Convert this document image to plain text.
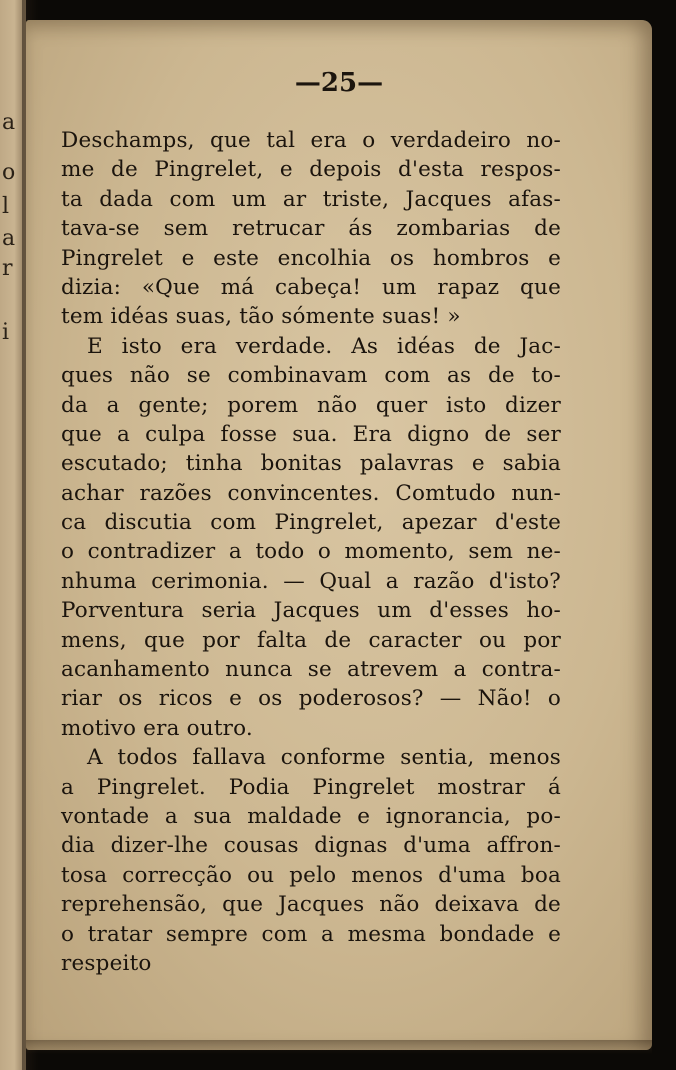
a
o
l
a
r
i
—25—
Deschamps, que tal era o verdadeiro no-
me de Pingrelet, e depois d'esta respos-
ta dada com um ar triste, Jacques afas-
tava-se sem retrucar ás zombarias de
Pingrelet e este encolhia os hombros e
dizia: «Que má cabeça! um rapaz que
tem idéas suas, tão sómente suas! »
E isto era verdade. As idéas de Jac-
ques não se combinavam com as de to-
da a gente; porem não quer isto dizer
que a culpa fosse sua. Era digno de ser
escutado; tinha bonitas palavras e sabia
achar razões convincentes. Comtudo nun-
ca discutia com Pingrelet, apezar d'este
o contradizer a todo o momento, sem ne-
nhuma cerimonia. — Qual a razão d'isto?
Porventura seria Jacques um d'esses ho-
mens, que por falta de caracter ou por
acanhamento nunca se atrevem a contra-
riar os ricos e os poderosos? — Não! o
motivo era outro.
A todos fallava conforme sentia, menos
a Pingrelet. Podia Pingrelet mostrar á
vontade a sua maldade e ignorancia, po-
dia dizer-lhe cousas dignas d'uma affron-
tosa correcção ou pelo menos d'uma boa
reprehensão, que Jacques não deixava de
o tratar sempre com a mesma bondade e
respeito
